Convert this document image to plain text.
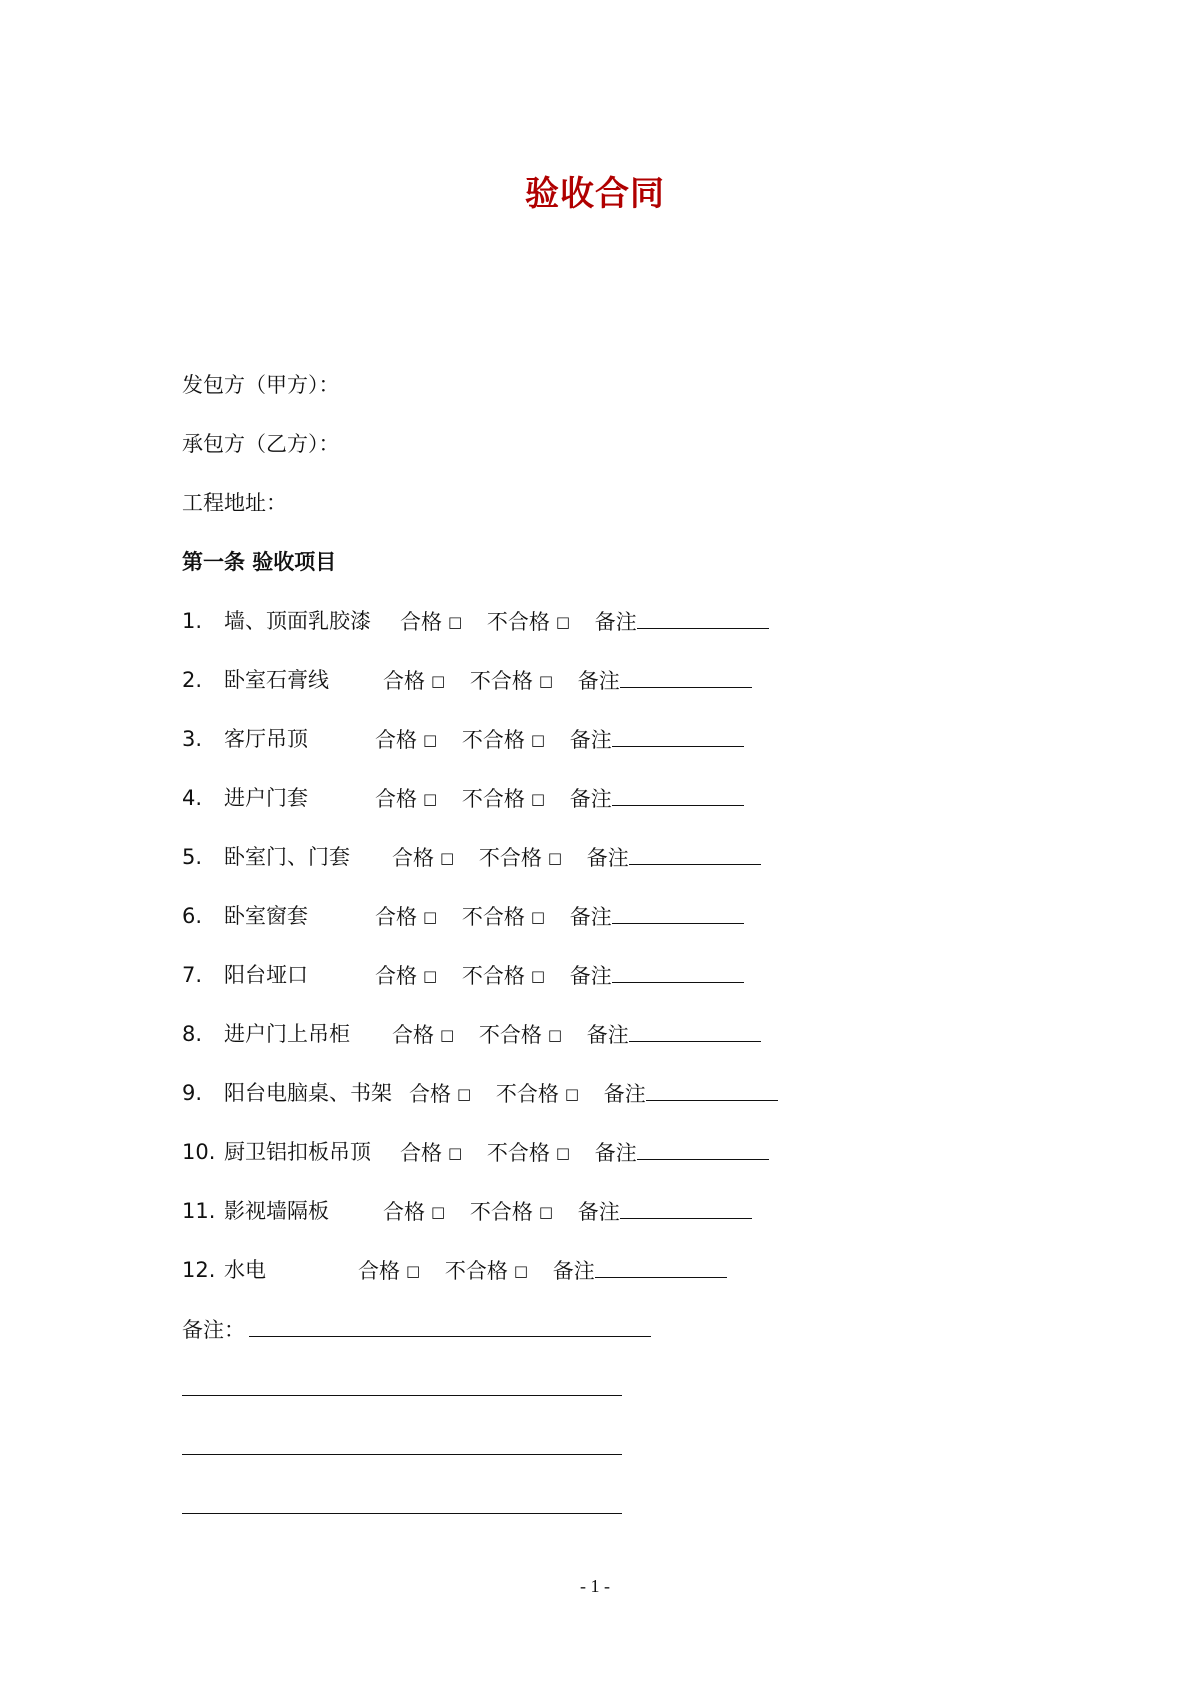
验收合同
发包方（甲方）：
承包方（乙方）：
工程地址：
第一条 验收项目
1. 墙、顶面乳胶漆 合格 □ 不合格 □ 备注
2. 卧室石膏线	合格 □ 不合格 □ 备注
3. 客厅吊顶	合格 □ 不合格 □ 备注
4. 进户门套	合格 □ 不合格 □ 备注
5. 卧室门、门套 合格 □ 不合格 □ 备注
6. 卧室窗套	合格 □ 不合格 □ 备注
7. 阳台垭口	合格 □ 不合格 □ 备注
8. 进户门上吊柜 合格 □ 不合格 □ 备注
9. 阳台电脑桌、书架 合格 □ 不合格 □ 备注
10. 厨卫铝扣板吊顶 合格 □ 不合格 □ 备注
11. 影视墙隔板	合格 □ 不合格 □ 备注
12. 水电	合格 □ 不合格 □ 备注
备注：
- 1 -
